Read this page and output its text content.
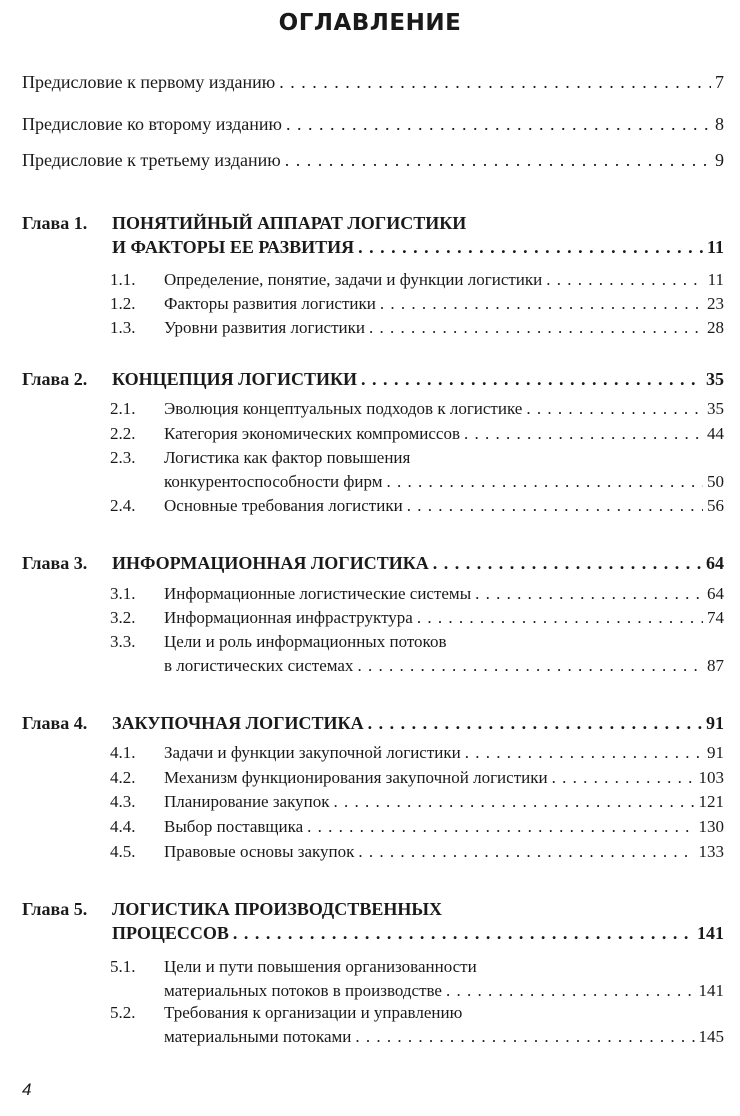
ОГЛАВЛЕНИЕ
Предисловие к первому изданию . . .	7
Предисловие ко второму изданию . . .	8
Предисловие к третьему изданию . . .	9
Глава 1. ПОНЯТИЙНЫЙ АППАРАТ ЛОГИСТИКИ
И ФАКТОРЫ ЕЕ РАЗВИТИЯ . . .	11
1.1. Определение, понятие, задачи и функции логистики . . .	11
1.2. Факторы развития логистики . . .	23
1.3. Уровни развития логистики . . .	28
Глава 2. КОНЦЕПЦИЯ ЛОГИСТИКИ . . .	35
2.1. Эволюция концептуальных подходов к логистике . . .	35
2.2. Категория экономических компромиссов . . .	44
2.3. Логистика как фактор повышения
конкурентоспособности фирм . . .	50
2.4. Основные требования логистики . . .	56
Глава 3. ИНФОРМАЦИОННАЯ ЛОГИСТИКА . . .	64
3.1. Информационные логистические системы . . .	64
3.2. Информационная инфраструктура . . .	74
3.3. Цели и роль информационных потоков
в логистических системах . . .	87
Глава 4. ЗАКУПОЧНАЯ ЛОГИСТИКА . . .	91
4.1. Задачи и функции закупочной логистики . . .	91
4.2. Механизм функционирования закупочной логистики . . .	103
4.3. Планирование закупок . . .	121
4.4. Выбор поставщика . . .	130
4.5. Правовые основы закупок . . .	133
Глава 5. ЛОГИСТИКА ПРОИЗВОДСТВЕННЫХ
ПРОЦЕССОВ . . .	141
5.1. Цели и пути повышения организованности
материальных потоков в производстве . . .	141
5.2. Требования к организации и управлению
материальными потоками . . .	145
4
